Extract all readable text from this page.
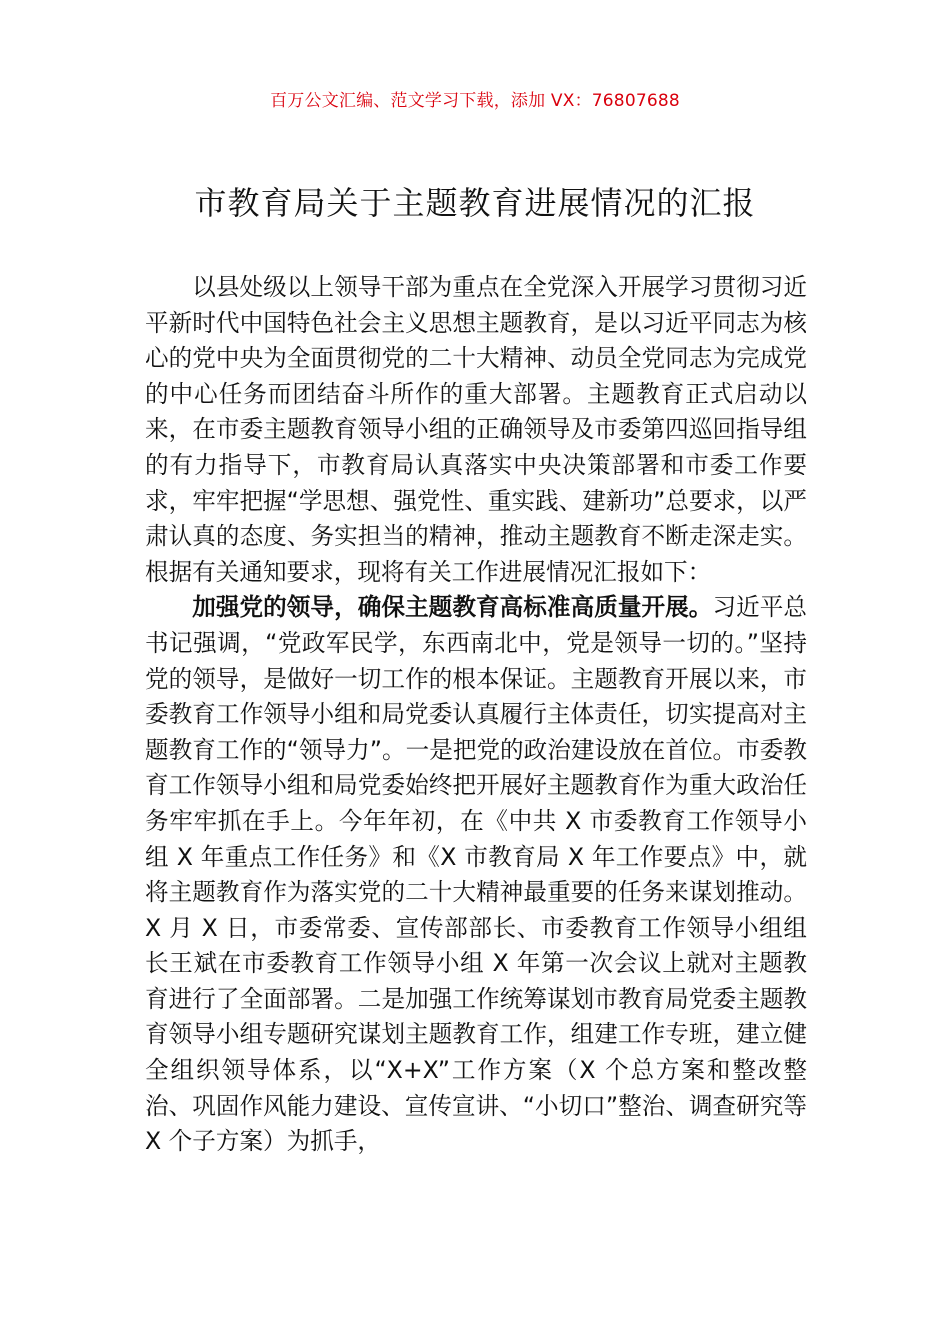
百万公文汇编、范文学习下载，添加 VX：76807688
市教育局关于主题教育进展情况的汇报

以县处级以上领导干部为重点在全党深入开展学习贯彻习近平新时代中国特色社会主义思想主题教育，是以习近平同志为核心的党中央为全面贯彻党的二十大精神、动员全党同志为完成党的中心任务而团结奋斗所作的重大部署。主题教育正式启动以来，在市委主题教育领导小组的正确领导及市委第四巡回指导组的有力指导下，市教育局认真落实中央决策部署和市委工作要求，牢牢把握“学思想、强党性、重实践、建新功”总要求，以严肃认真的态度、务实担当的精神，推动主题教育不断走深走实。根据有关通知要求，现将有关工作进展情况汇报如下：

加强党的领导，确保主题教育高标准高质量开展。习近平总书记强调，“党政军民学，东西南北中，党是领导一切的。”坚持党的领导，是做好一切工作的根本保证。主题教育开展以来，市委教育工作领导小组和局党委认真履行主体责任，切实提高对主题教育工作的“领导力”。一是把党的政治建设放在首位。市委教育工作领导小组和局党委始终把开展好主题教育作为重大政治任务牢牢抓在手上。今年年初，在《中共 X 市委教育工作领导小组 X 年重点工作任务》和《X 市教育局 X 年工作要点》中，就将主题教育作为落实党的二十大精神最重要的任务来谋划推动。X 月 X 日，市委常委、宣传部部长、市委教育工作领导小组组长王斌在市委教育工作领导小组 X 年第一次会议上就对主题教育进行了全面部署。二是加强工作统筹谋划市教育局党委主题教育领导小组专题研究谋划主题教育工作，组建工作专班，建立健全组织领导体系，以“X+X”工作方案（X 个总方案和整改整治、巩固作风能力建设、宣传宣讲、“小切口”整治、调查研究等 X 个子方案）为抓手，
